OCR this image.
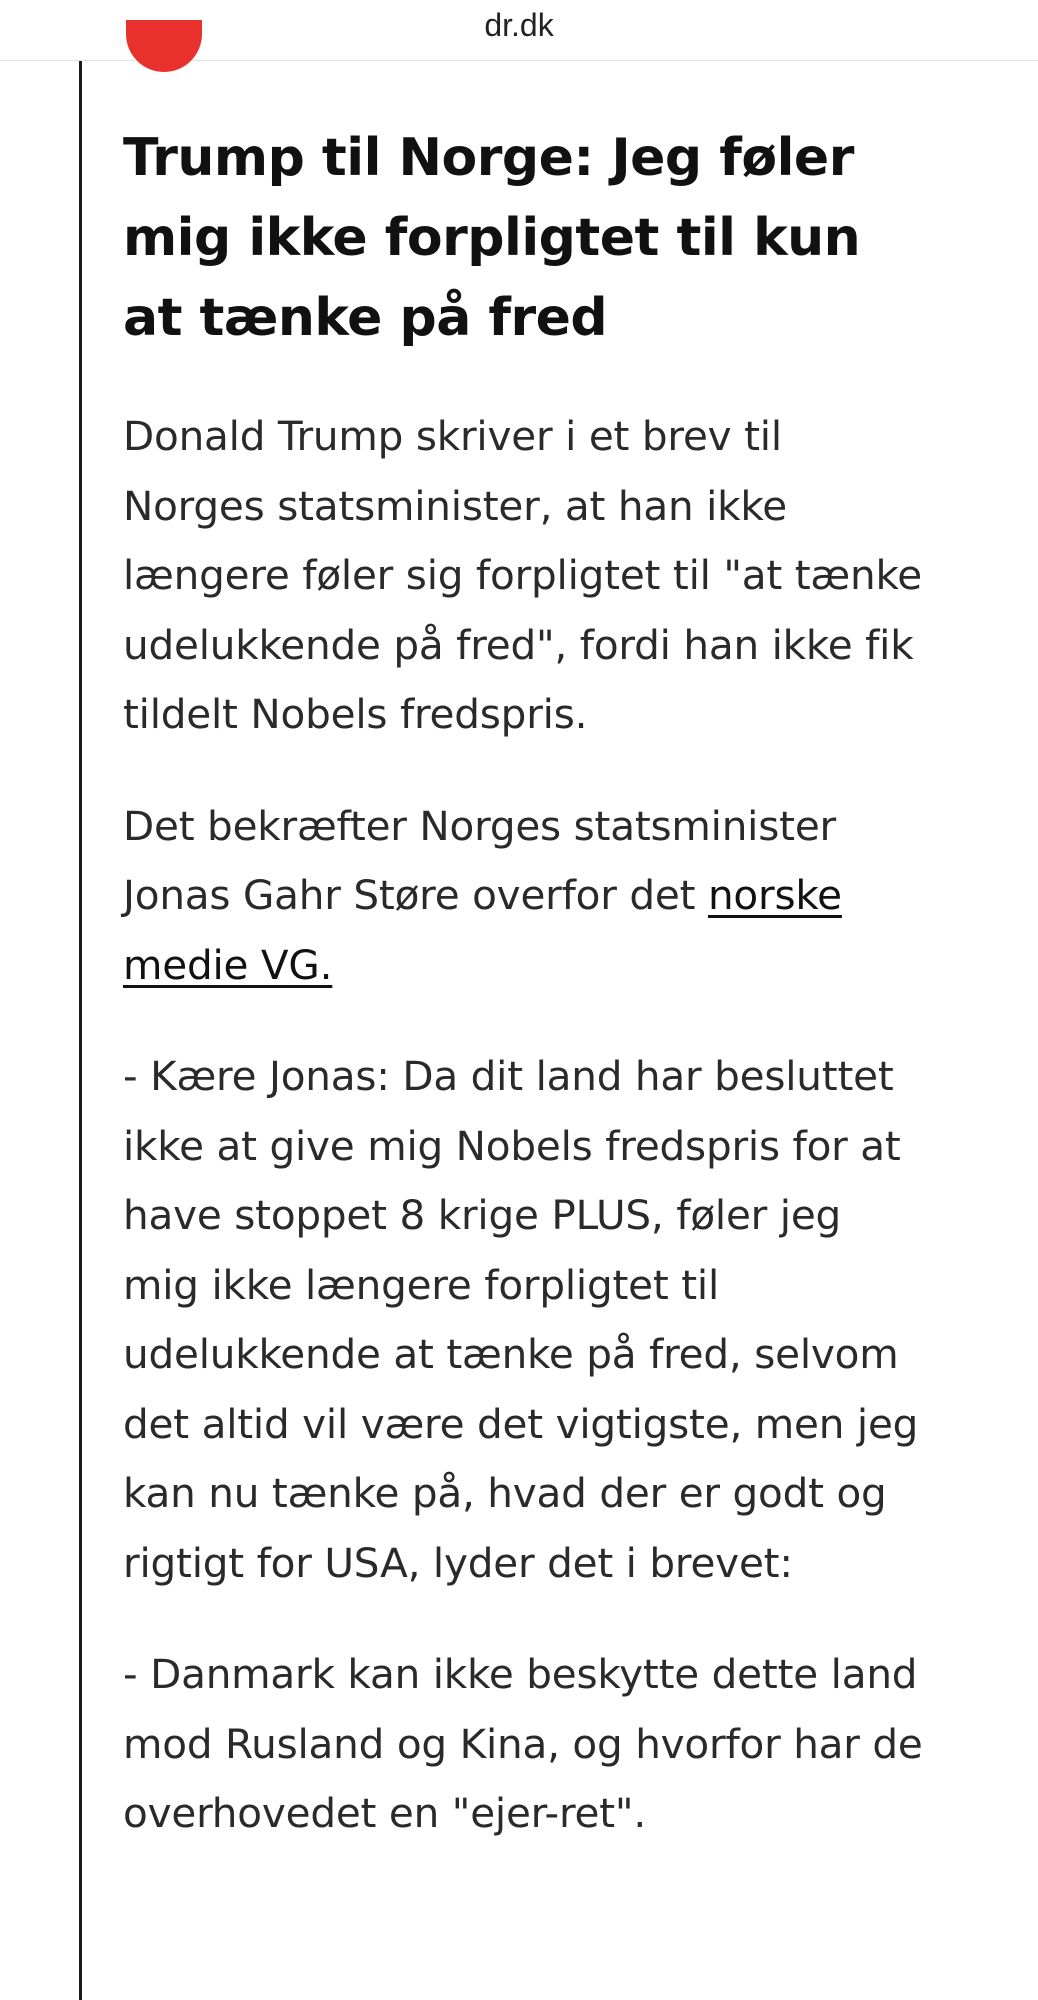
dr.dk
Trump til Norge: Jeg føler mig ikke forpligtet til kun at tænke på fred

Donald Trump skriver i et brev til Norges statsminister, at han ikke længere føler sig forpligtet til "at tænke udelukkende på fred", fordi han ikke fik tildelt Nobels fredspris.

Det bekræfter Norges statsminister Jonas Gahr Støre overfor det norske medie VG.

- Kære Jonas: Da dit land har besluttet ikke at give mig Nobels fredspris for at have stoppet 8 krige PLUS, føler jeg mig ikke længere forpligtet til udelukkende at tænke på fred, selvom det altid vil være det vigtigste, men jeg kan nu tænke på, hvad der er godt og rigtigt for USA, lyder det i brevet:

- Danmark kan ikke beskytte dette land mod Rusland og Kina, og hvorfor har de overhovedet en "ejer-ret".
